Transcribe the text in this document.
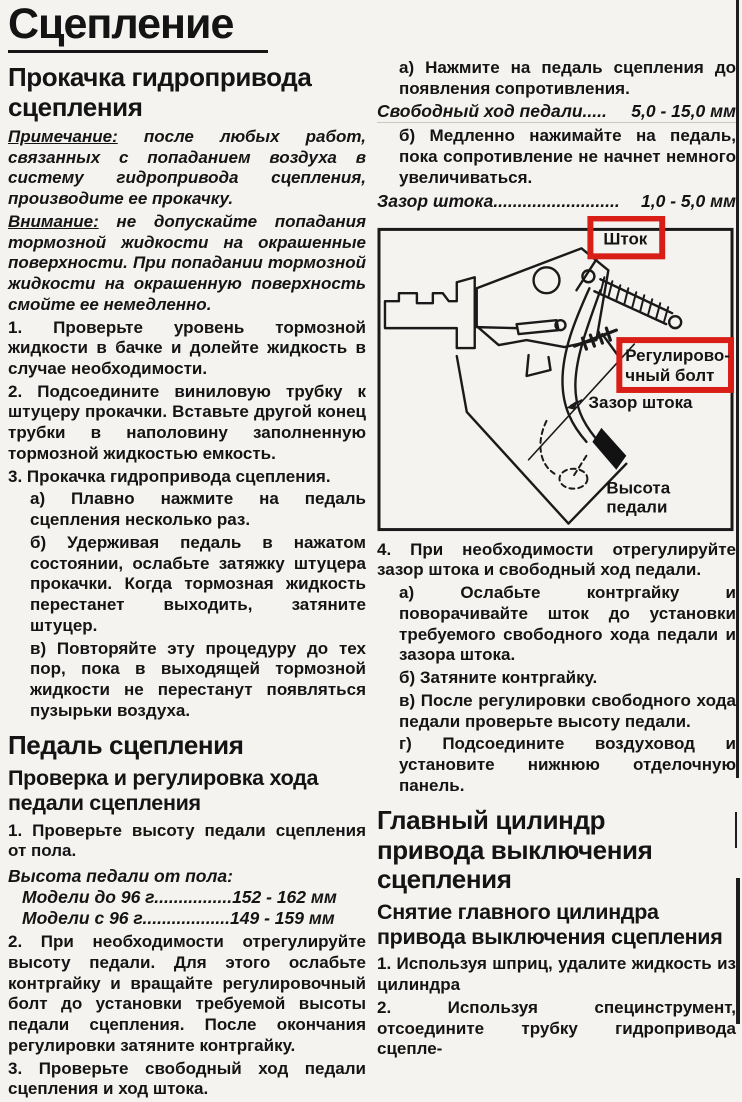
Сцепление
Прокачка гидропривода сцепления

Примечание: после любых работ, связанных с попаданием воздуха в систему гидропривода сцепления, производите ее прокачку.

Внимание: не допускайте попадания тормозной жидкости на окрашенные поверхности. При попадании тормозной жидкости на окрашенную поверхность смойте ее немедленно.

1. Проверьте уровень тормозной жидкости в бачке и долейте жидкость в случае необходимости.

2. Подсоедините виниловую трубку к штуцеру прокачки. Вставьте другой конец трубки в наполовину заполненную тормозной жидкостью емкость.

3. Прокачка гидропривода сцепления.

а) Плавно нажмите на педаль сцепления несколько раз.

б) Удерживая педаль в нажатом состоянии, ослабьте затяжку штуцера прокачки. Когда тормозная жидкость перестанет выходить, затяните штуцер.

в) Повторяйте эту процедуру до тех пор, пока в выходящей тормозной жидкости не перестанут появляться пузырьки воздуха.

Педаль сцепления
Проверка и регулировка хода педали сцепления

1. Проверьте высоту педали сцепления от пола.

Высота педали от пола:
Модели до 96 г................152 - 162 мм
Модели с 96 г..................149 - 159 мм

2. При необходимости отрегулируйте высоту педали. Для этого ослабьте контргайку и вращайте регулировочный болт до установки требуемой высоты педали сцепления. После окончания регулировки затяните контргайку.

3. Проверьте свободный ход педали сцепления и ход штока.

а) Нажмите на педаль сцепления до появления сопротивления.

Свободный ход педали..... 5,0 - 15,0 мм

б) Медленно нажимайте на педаль, пока сопротивление не начнет немного увеличиваться.

Зазор штока.......................... 1,0 - 5,0 мм
Шток
Регулирово-
чный болт
Зазор штока
Высота
педали

4. При необходимости отрегулируйте зазор штока и свободный ход педали.

а) Ослабьте контргайку и поворачивайте шток до установки требуемого свободного хода педали и зазора штока.

б) Затяните контргайку.

в) После регулировки свободного хода педали проверьте высоту педали.

г) Подсоедините воздуховод и установите нижнюю отделочную панель.

Главный цилиндр привода выключения сцепления
Снятие главного цилиндра привода выключения сцепления

1. Используя шприц, удалите жидкость из цилиндра

2. Используя специнструмент, отсоедините трубку гидропривода сцепле-
